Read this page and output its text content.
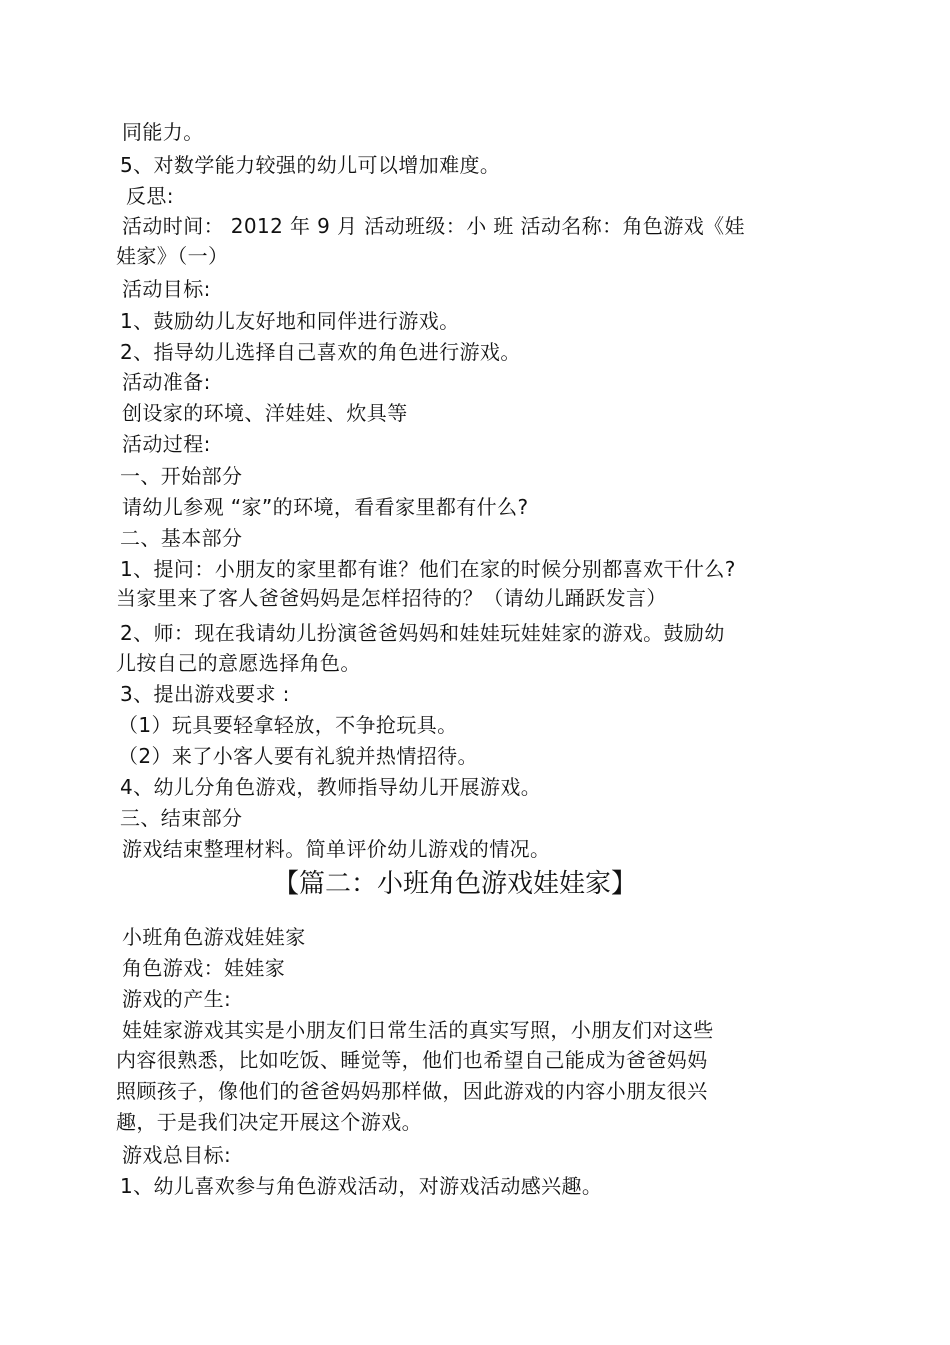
同能力。
5、对数学能力较强的幼儿可以增加难度。
反思:
活动时间： 2012 年 9 月 活动班级：小 班 活动名称：角色游戏《娃
娃家》（一）
活动目标:
1、鼓励幼儿友好地和同伴进行游戏。
2、指导幼儿选择自己喜欢的角色进行游戏。
活动准备:
创设家的环境、洋娃娃、炊具等
活动过程:
一、开始部分
请幼儿参观 “家”的环境，看看家里都有什么?
二、基本部分
1、提问：小朋友的家里都有谁？他们在家的时候分别都喜欢干什么?
当家里来了客人爸爸妈妈是怎样招待的？（请幼儿踊跃发言）
2、师：现在我请幼儿扮演爸爸妈妈和娃娃玩娃娃家的游戏。鼓励幼
儿按自己的意愿选择角色。
3、提出游戏要求 :
（1）玩具要轻拿轻放，不争抢玩具。
（2）来了小客人要有礼貌并热情招待。
4、幼儿分角色游戏，教师指导幼儿开展游戏。
三、结束部分
游戏结束整理材料。简单评价幼儿游戏的情况。
【篇二：小班角色游戏娃娃家】
小班角色游戏娃娃家
角色游戏：娃娃家
游戏的产生:
娃娃家游戏其实是小朋友们日常生活的真实写照，小朋友们对这些
内容很熟悉，比如吃饭、睡觉等，他们也希望自己能成为爸爸妈妈
照顾孩子，像他们的爸爸妈妈那样做，因此游戏的内容小朋友很兴
趣，于是我们决定开展这个游戏。
游戏总目标:
1、幼儿喜欢参与角色游戏活动，对游戏活动感兴趣。
